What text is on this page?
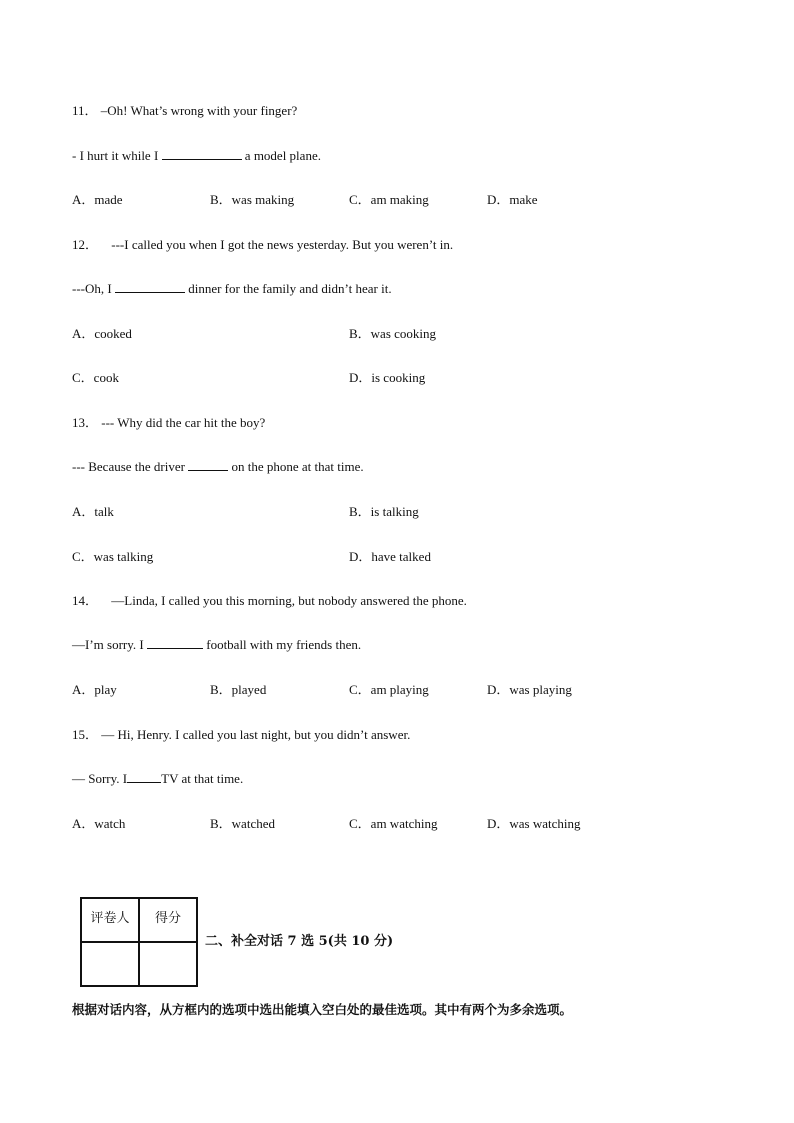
11． –Oh! What’s wrong with your finger?
- I hurt it while I	a model plane.
A．made	B．was making	C．am making	D．make
12． ---I called you when I got the news yesterday. But you weren’t in.
---Oh, I	dinner for the family and didn’t hear it.
A．cooked	B．was cooking
C．cook	D．is cooking
13． --- Why did the car hit the boy?
--- Because the driver	on the phone at that time.
A．talk	B．is talking
C．was talking	D．have talked
14． —Linda, I called you this morning, but nobody answered the phone.
—I’m sorry. I	football with my friends then.
A．play	B．played	C．am playing	D．was playing
15． — Hi, Henry. I called you last night, but you didn’t answer.
— Sorry. I	TV at that time.
A．watch	B．watched	C．am watching	D．was watching
评卷人	得分

二、补全对话 7 选 5(共 10 分)
根据对话内容，从方框内的选项中选出能填入空白处的最佳选项。其中有两个为多余选项。
